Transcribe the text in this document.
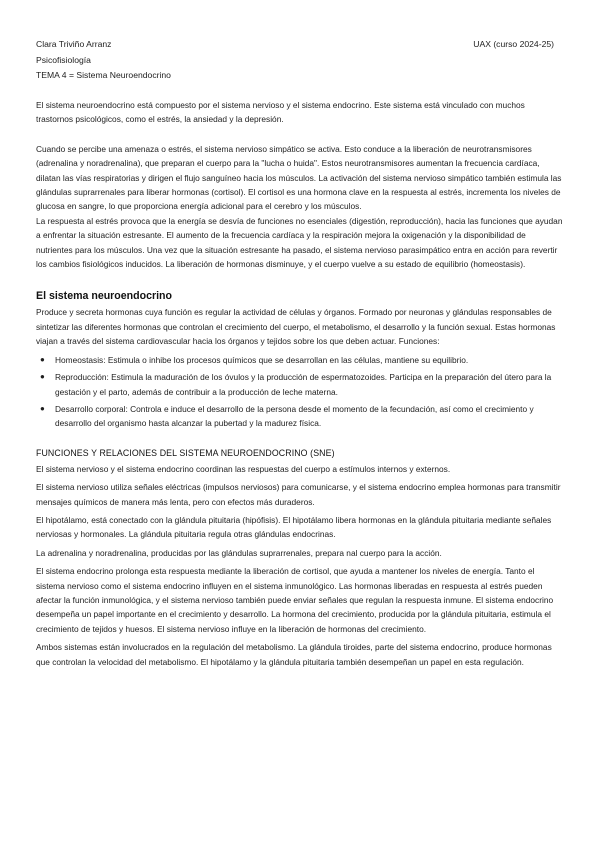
Clara Triviño Arranz
Psicofisiología
TEMA 4 = Sistema Neuroendocrino
UAX (curso 2024-25)

El sistema neuroendocrino está compuesto por el sistema nervioso y el sistema endocrino. Este sistema está vinculado con muchos trastornos psicológicos, como el estrés, la ansiedad y la depresión.

Cuando se percibe una amenaza o estrés, el sistema nervioso simpático se activa. Esto conduce a la liberación de neurotransmisores (adrenalina y noradrenalina), que preparan el cuerpo para la "lucha o huida". Estos neurotransmisores aumentan la frecuencia cardíaca, dilatan las vías respiratorias y dirigen el flujo sanguíneo hacia los músculos. La activación del sistema nervioso simpático también estimula las glándulas suprarrenales para liberar hormonas (cortisol). El cortisol es una hormona clave en la respuesta al estrés, incrementa los niveles de glucosa en sangre, lo que proporciona energía adicional para el cerebro y los músculos.

La respuesta al estrés provoca que la energía se desvía de funciones no esenciales (digestión, reproducción), hacia las funciones que ayudan a enfrentar la situación estresante. El aumento de la frecuencia cardíaca y la respiración mejora la oxigenación y la disponibilidad de nutrientes para los músculos. Una vez que la situación estresante ha pasado, el sistema nervioso parasimpático entra en acción para revertir los cambios fisiológicos inducidos. La liberación de hormonas disminuye, y el cuerpo vuelve a su estado de equilibrio (homeostasis).

El sistema neuroendocrino

Produce y secreta hormonas cuya función es regular la actividad de células y órganos. Formado por neuronas y glándulas responsables de sintetizar las diferentes hormonas que controlan el crecimiento del cuerpo, el metabolismo, el desarrollo y la función sexual. Estas hormonas viajan a través del sistema cardiovascular hacia los órganos y tejidos sobre los que deben actuar. Funciones:

● Homeostasis: Estimula o inhibe los procesos químicos que se desarrollan en las células, mantiene su equilibrio.
● Reproducción: Estimula la maduración de los óvulos y la producción de espermatozoides. Participa en la preparación del útero para la gestación y el parto, además de contribuir a la producción de leche materna.
● Desarrollo corporal: Controla e induce el desarrollo de la persona desde el momento de la fecundación, así como el crecimiento y desarrollo del organismo hasta alcanzar la pubertad y la madurez física.
FUNCIONES Y RELACIONES DEL SISTEMA NEUROENDOCRINO (SNE)

El sistema nervioso y el sistema endocrino coordinan las respuestas del cuerpo a estímulos internos y externos.

El sistema nervioso utiliza señales eléctricas (impulsos nerviosos) para comunicarse, y el sistema endocrino emplea hormonas para transmitir mensajes químicos de manera más lenta, pero con efectos más duraderos.

El hipotálamo, está conectado con la glándula pituitaria (hipófisis). El hipotálamo libera hormonas en la glándula pituitaria mediante señales nerviosas y hormonales. La glándula pituitaria regula otras glándulas endocrinas.

La adrenalina y noradrenalina, producidas por las glándulas suprarrenales, prepara nal cuerpo para la acción.

El sistema endocrino prolonga esta respuesta mediante la liberación de cortisol, que ayuda a mantener los niveles de energía. Tanto el sistema nervioso como el sistema endocrino influyen en el sistema inmunológico. Las hormonas liberadas en respuesta al estrés pueden afectar la función inmunológica, y el sistema nervioso también puede enviar señales que regulan la respuesta inmune. El sistema endocrino desempeña un papel importante en el crecimiento y desarrollo. La hormona del crecimiento, producida por la glándula pituitaria, estimula el crecimiento de tejidos y huesos. El sistema nervioso influye en la liberación de hormonas del crecimiento.

Ambos sistemas están involucrados en la regulación del metabolismo. La glándula tiroides, parte del sistema endocrino, produce hormonas que controlan la velocidad del metabolismo. El hipotálamo y la glándula pituitaria también desempeñan un papel en esta regulación.
